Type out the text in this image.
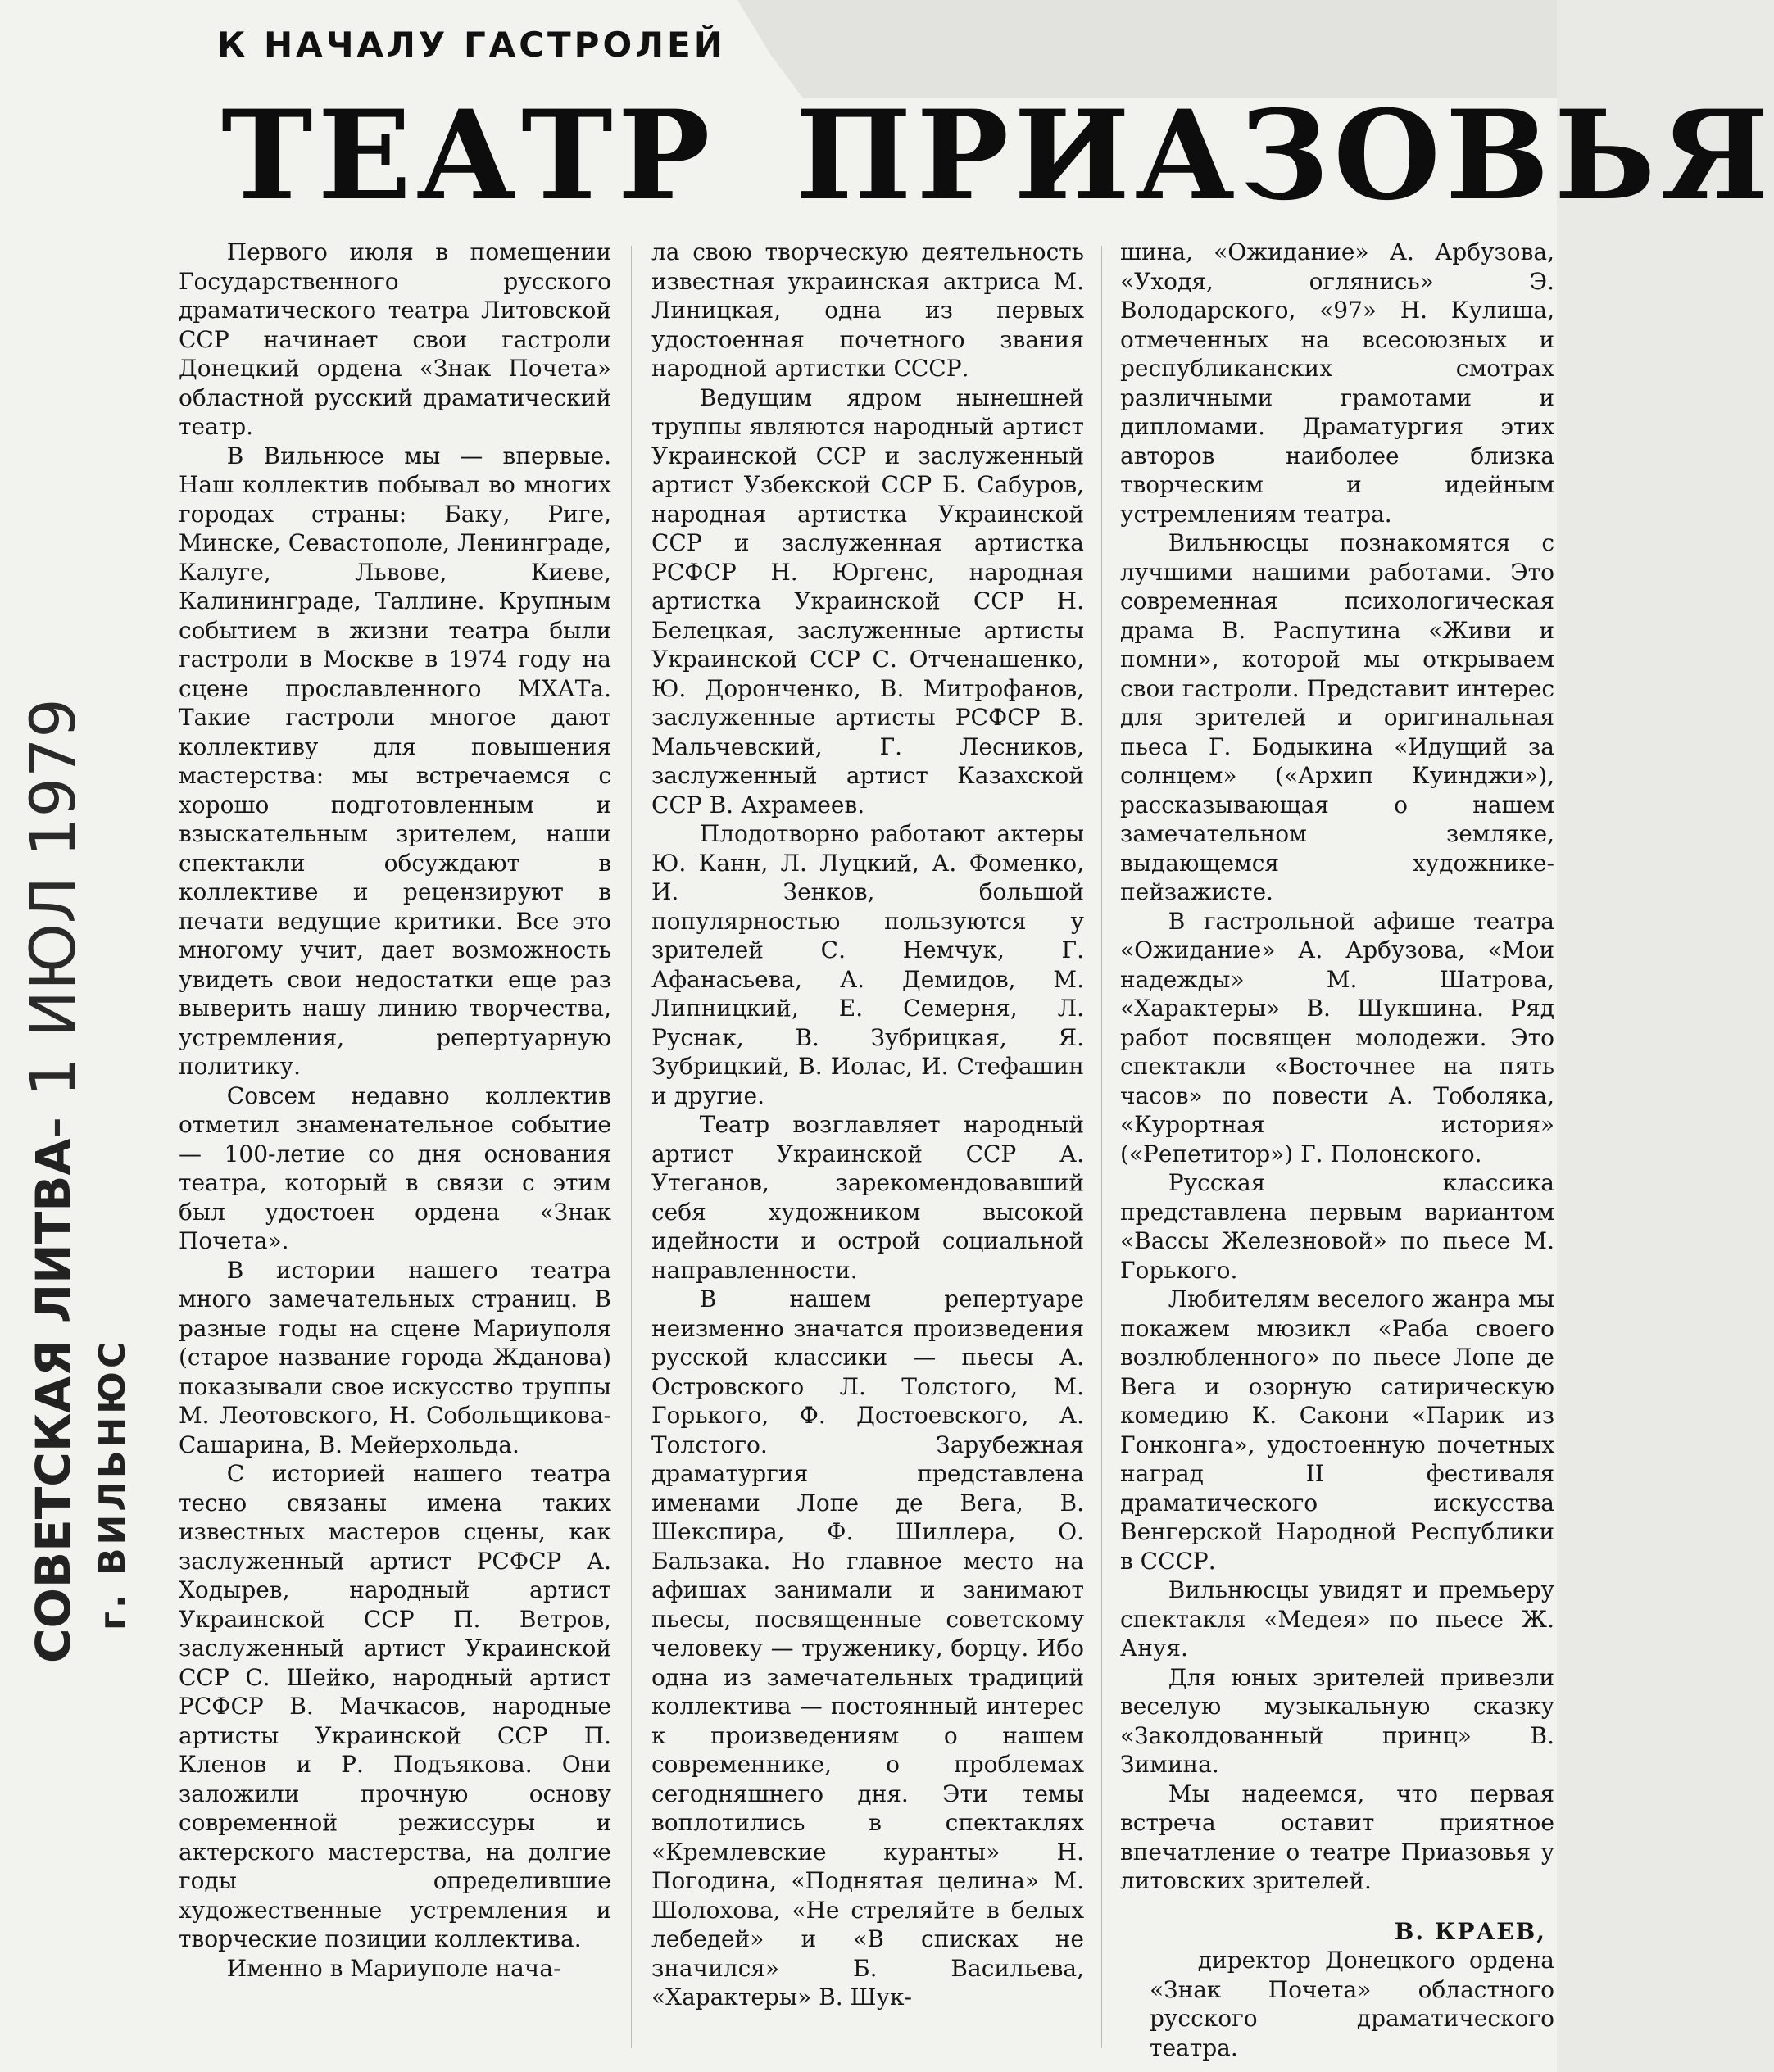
К НАЧАЛУ ГАСТРОЛЕЙ
ТЕАТР ПРИАЗОВЬЯ
СОВЕТСКАЯ ЛИТВА г. ВИЛЬНЮС
- 1 ИЮЛ 1979

Первого июля в помещении Государственного русского драматического театра Литовской ССР начинает свои гастроли Донецкий ордена «Знак Почета» областной русский драматический театр.

В Вильнюсе мы — впервые. Наш коллектив побывал во многих городах страны: Баку, Риге, Минске, Севастополе, Ленинграде, Калуге, Львове, Киеве, Калининграде, Таллине. Крупным событием в жизни театра были гастроли в Москве в 1974 году на сцене прославленного МХАТа. Такие гастроли многое дают коллективу для повышения мастерства: мы встречаемся с хорошо подготовленным и взыскательным зрителем, наши спектакли обсуждают в коллективе и рецензируют в печати ведущие критики. Все это многому учит, дает возможность увидеть свои недостатки еще раз выверить нашу линию творчества, устремления, репертуарную политику.

Совсем недавно коллектив отметил знаменательное событие — 100-летие со дня основания театра, который в связи с этим был удостоен ордена «Знак Почета».

В истории нашего театра много замечательных страниц. В разные годы на сцене Мариуполя (старое название города Жданова) показывали свое искусство труппы М. Леотовского, Н. Собольщикова-Сашарина, В. Мейерхольда.

С историей нашего театра тесно связаны имена таких известных мастеров сцены, как заслуженный артист РСФСР А. Ходырев, народный артист Украинской ССР П. Ветров, заслуженный артист Украинской ССР С. Шейко, народный артист РСФСР В. Мачкасов, народные артисты Украинской ССР П. Кленов и Р. Подъякова. Они заложили прочную основу современной режиссуры и актерского мастерства, на долгие годы определившие художественные устремления и творческие позиции коллектива.

Именно в Мариуполе нача-

ла свою творческую деятельность известная украинская актриса М. Линицкая, одна из первых удостоенная почетного звания народной артистки СССР.

Ведущим ядром нынешней труппы являются народный артист Украинской ССР и заслуженный артист Узбекской ССР Б. Сабуров, народная артистка Украинской ССР и заслуженная артистка РСФСР Н. Юргенс, народная артистка Украинской ССР Н. Белецкая, заслуженные артисты Украинской ССР С. Отченашенко, Ю. Доронченко, В. Митрофанов, заслуженные артисты РСФСР В. Мальчевский, Г. Лесников, заслуженный артист Казахской ССР В. Ахрамеев.

Плодотворно работают актеры Ю. Канн, Л. Луцкий, А. Фоменко, И. Зенков, большой популярностью пользуются у зрителей С. Немчук, Г. Афанасьева, А. Демидов, М. Липницкий, Е. Семерня, Л. Руснак, В. Зубрицкая, Я. Зубрицкий, В. Иолас, И. Стефашин и другие.

Театр возглавляет народный артист Украинской ССР А. Утеганов, зарекомендовавший себя художником высокой идейности и острой социальной направленности.

В нашем репертуаре неизменно значатся произведения русской классики — пьесы А. Островского Л. Толстого, М. Горького, Ф. Достоевского, А. Толстого. Зарубежная драматургия представлена именами Лопе де Вега, В. Шекспира, Ф. Шиллера, О. Бальзака. Но главное место на афишах занимали и занимают пьесы, посвященные советскому человеку — труженику, борцу. Ибо одна из замечательных традиций коллектива — постоянный интерес к произведениям о нашем современнике, о проблемах сегодняшнего дня. Эти темы воплотились в спектаклях «Кремлевские куранты» Н. Погодина, «Поднятая целина» М. Шолохова, «Не стреляйте в белых лебедей» и «В списках не значился» Б. Васильева, «Характеры» В. Шук-

шина, «Ожидание» А. Арбузова, «Уходя, оглянись» Э. Володарского, «97» Н. Кулиша, отмеченных на всесоюзных и республиканских смотрах различными грамотами и дипломами. Драматургия этих авторов наиболее близка творческим и идейным устремлениям театра.

Вильнюсцы познакомятся с лучшими нашими работами. Это современная психологическая драма В. Распутина «Живи и помни», которой мы открываем свои гастроли. Представит интерес для зрителей и оригинальная пьеса Г. Бодыкина «Идущий за солнцем» («Архип Куинджи»), рассказывающая о нашем замечательном земляке, выдающемся художнике-пейзажисте.

В гастрольной афише театра «Ожидание» А. Арбузова, «Мои надежды» М. Шатрова, «Характеры» В. Шукшина. Ряд работ посвящен молодежи. Это спектакли «Восточнее на пять часов» по повести А. Тоболяка, «Курортная история» («Репетитор») Г. Полонского.

Русская классика представлена первым вариантом «Вассы Железновой» по пьесе М. Горького.

Любителям веселого жанра мы покажем мюзикл «Раба своего возлюбленного» по пьесе Лопе де Вега и озорную сатирическую комедию К. Сакони «Парик из Гонконга», удостоенную почетных наград II фестиваля драматического искусства Венгерской Народной Республики в СССР.

Вильнюсцы увидят и премьеру спектакля «Медея» по пьесе Ж. Ануя.

Для юных зрителей привезли веселую музыкальную сказку «Заколдованный принц» В. Зимина.

Мы надеемся, что первая встреча оставит приятное впечатление о театре Приазовья у литовских зрителей.

В. КРАЕВ,

директор Донецкого ордена «Знак Почета» областного русского драматического театра.
